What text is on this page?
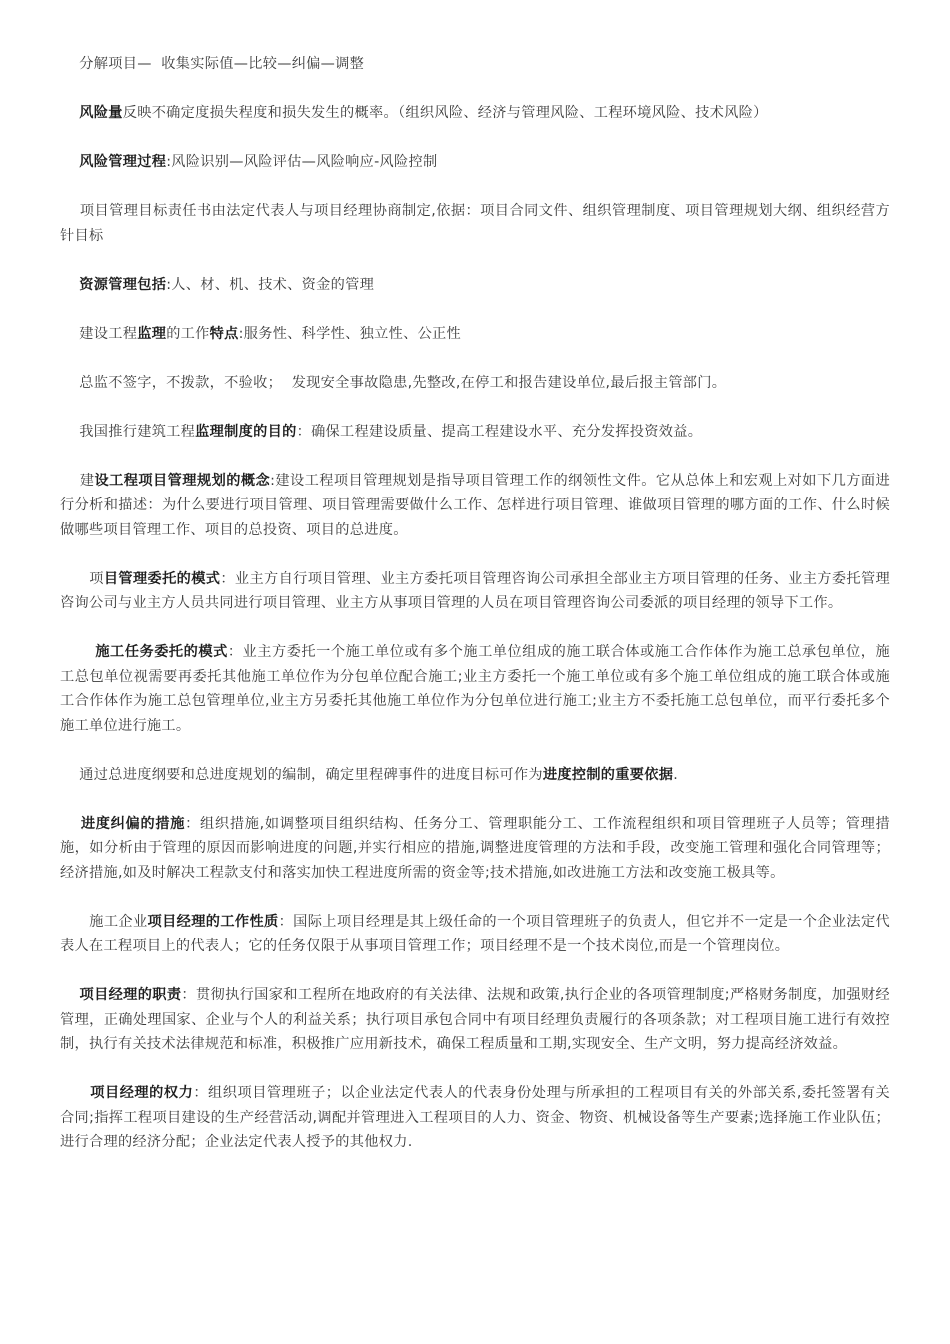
分解项目—  收集实际值—比较—纠偏—调整

风险量反映不确定度损失程度和损失发生的概率。（组织风险、经济与管理风险、工程环境风险、技术风险）

风险管理过程:风险识别—风险评估—风险响应-风险控制

项目管理目标责任书由法定代表人与项目经理协商制定,依据：项目合同文件、组织管理制度、项目管理规划大纲、组织经营方针目标

资源管理包括:人、材、机、技术、资金的管理

建设工程监理的工作特点:服务性、科学性、独立性、公正性

总监不签字，不拨款，不验收；  发现安全事故隐患,先整改,在停工和报告建设单位,最后报主管部门。

我国推行建筑工程监理制度的目的：确保工程建设质量、提高工程建设水平、充分发挥投资效益。

建设工程项目管理规划的概念:建设工程项目管理规划是指导项目管理工作的纲领性文件。它从总体上和宏观上对如下几方面进行分析和描述：为什么要进行项目管理、项目管理需要做什么工作、怎样进行项目管理、谁做项目管理的哪方面的工作、什么时候做哪些项目管理工作、项目的总投资、项目的总进度。

项目管理委托的模式：业主方自行项目管理、业主方委托项目管理咨询公司承担全部业主方项目管理的任务、业主方委托管理咨询公司与业主方人员共同进行项目管理、业主方从事项目管理的人员在项目管理咨询公司委派的项目经理的领导下工作。

施工任务委托的模式：业主方委托一个施工单位或有多个施工单位组成的施工联合体或施工合作体作为施工总承包单位，施工总包单位视需要再委托其他施工单位作为分包单位配合施工;业主方委托一个施工单位或有多个施工单位组成的施工联合体或施工合作体作为施工总包管理单位,业主方另委托其他施工单位作为分包单位进行施工;业主方不委托施工总包单位，而平行委托多个施工单位进行施工。

通过总进度纲要和总进度规划的编制，确定里程碑事件的进度目标可作为进度控制的重要依据.

进度纠偏的措施：组织措施,如调整项目组织结构、任务分工、管理职能分工、工作流程组织和项目管理班子人员等；管理措施，如分析由于管理的原因而影响进度的问题,并实行相应的措施,调整进度管理的方法和手段，改变施工管理和强化合同管理等；经济措施,如及时解决工程款支付和落实加快工程进度所需的资金等;技术措施,如改进施工方法和改变施工极具等。

施工企业项目经理的工作性质：国际上项目经理是其上级任命的一个项目管理班子的负责人，但它并不一定是一个企业法定代表人在工程项目上的代表人；它的任务仅限于从事项目管理工作；项目经理不是一个技术岗位,而是一个管理岗位。

项目经理的职责：贯彻执行国家和工程所在地政府的有关法律、法规和政策,执行企业的各项管理制度;严格财务制度，加强财经管理，正确处理国家、企业与个人的利益关系；执行项目承包合同中有项目经理负责履行的各项条款；对工程项目施工进行有效控制，执行有关技术法律规范和标准，积极推广应用新技术，确保工程质量和工期,实现安全、生产文明，努力提高经济效益。

项目经理的权力：组织项目管理班子；以企业法定代表人的代表身份处理与所承担的工程项目有关的外部关系,委托签署有关合同;指挥工程项目建设的生产经营活动,调配并管理进入工程项目的人力、资金、物资、机械设备等生产要素;选择施工作业队伍；进行合理的经济分配；企业法定代表人授予的其他权力.
